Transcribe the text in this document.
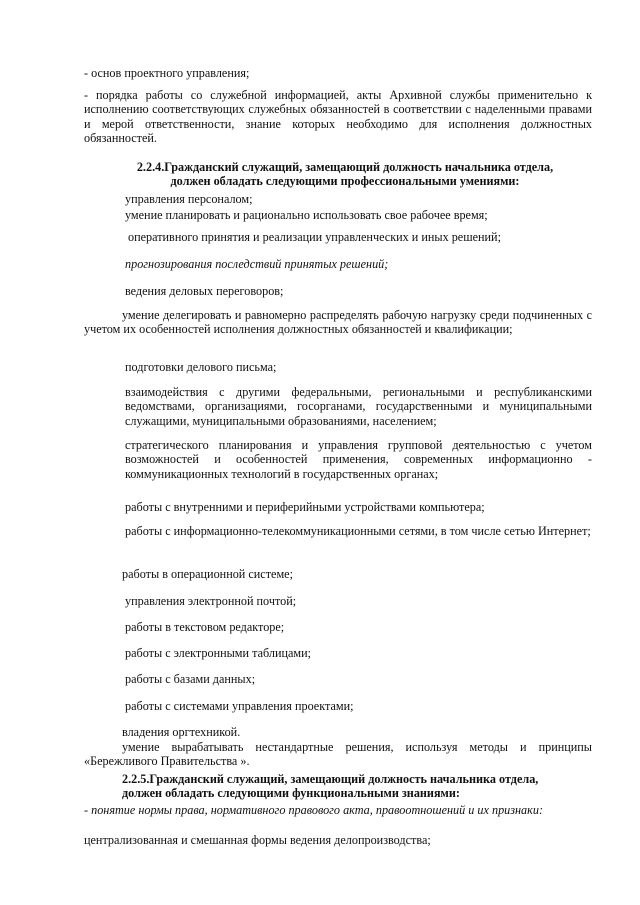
- основ проектного управления;

- порядка работы со служебной информацией, акты Архивной службы применительно к исполнению соответствующих служебных обязанностей в соответствии с наделенными правами и мерой ответственности, знание которых необходимо для исполнения должностных обязанностей.

2.2.4.Гражданский служащий, замещающий должность начальника отдела,
должен обладать следующими профессиональными умениями:

управления персоналом;

умение планировать и рационально использовать свое рабочее время;

оперативного принятия и реализации управленческих и иных решений;

прогнозирования последствий принятых решений;

ведения деловых переговоров;

умение делегировать и равномерно распределять рабочую нагрузку среди подчиненных с учетом их особенностей исполнения должностных обязанностей и квалификации;

подготовки делового письма;

взаимодействия с другими федеральными, региональными и республиканскими ведомствами, организациями, госорганами, государственными и муниципальными служащими, муниципальными образованиями, населением;

стратегического планирования и управления групповой деятельностью с учетом возможностей и особенностей применения, современных информационно - коммуникационных технологий в государственных органах;

работы с внутренними и периферийными устройствами компьютера;

работы с информационно-телекоммуникационными сетями, в том числе сетью Интернет;

работы в операционной системе;

управления электронной почтой;

работы в текстовом редакторе;

работы с электронными таблицами;

работы с базами данных;

работы с системами управления проектами;

владения оргтехникой.

умение вырабатывать нестандартные решения, используя методы и принципы «Бережливого Правительства ».

2.2.5.Гражданский служащий, замещающий должность начальника отдела,
должен обладать следующими функциональными знаниями:

- понятие нормы права, нормативного правового акта, правоотношений и их признаки:

централизованная и смешанная формы ведения делопроизводства;
